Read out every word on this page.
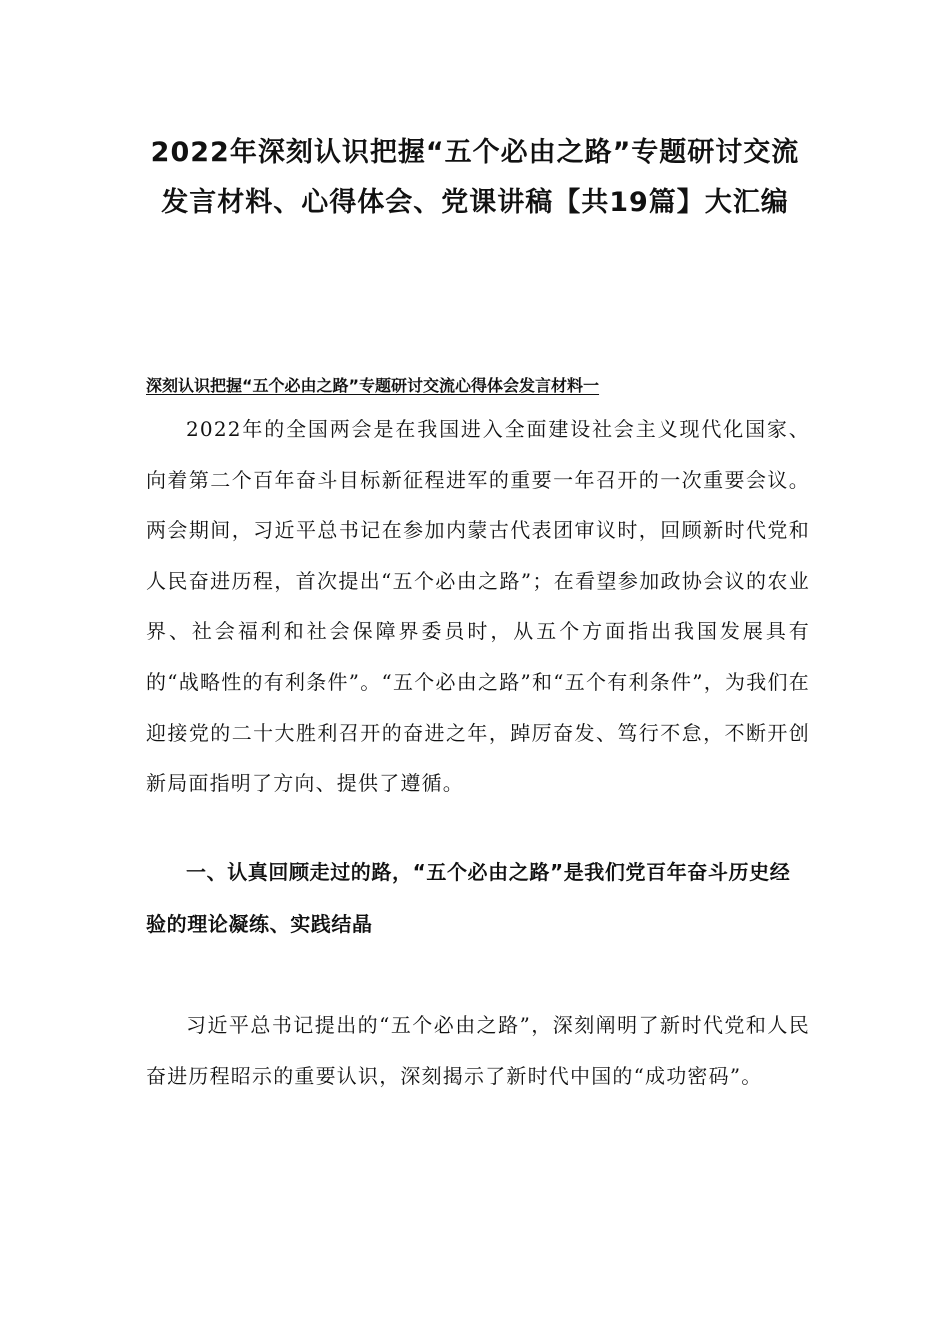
2022年深刻认识把握“五个必由之路”专题研讨交流发言材料、心得体会、党课讲稿【共19篇】大汇编
深刻认识把握“五个必由之路”专题研讨交流心得体会发言材料一

2022年的全国两会是在我国进入全面建设社会主义现代化国家、向着第二个百年奋斗目标新征程进军的重要一年召开的一次重要会议。两会期间，习近平总书记在参加内蒙古代表团审议时，回顾新时代党和人民奋进历程，首次提出“五个必由之路”；在看望参加政协会议的农业界、社会福利和社会保障界委员时，从五个方面指出我国发展具有的“战略性的有利条件”。“五个必由之路”和“五个有利条件”，为我们在迎接党的二十大胜利召开的奋进之年，踔厉奋发、笃行不怠，不断开创新局面指明了方向、提供了遵循。

一、认真回顾走过的路，“五个必由之路”是我们党百年奋斗历史经验的理论凝练、实践结晶

习近平总书记提出的“五个必由之路”，深刻阐明了新时代党和人民奋进历程昭示的重要认识，深刻揭示了新时代中国的“成功密码”。
